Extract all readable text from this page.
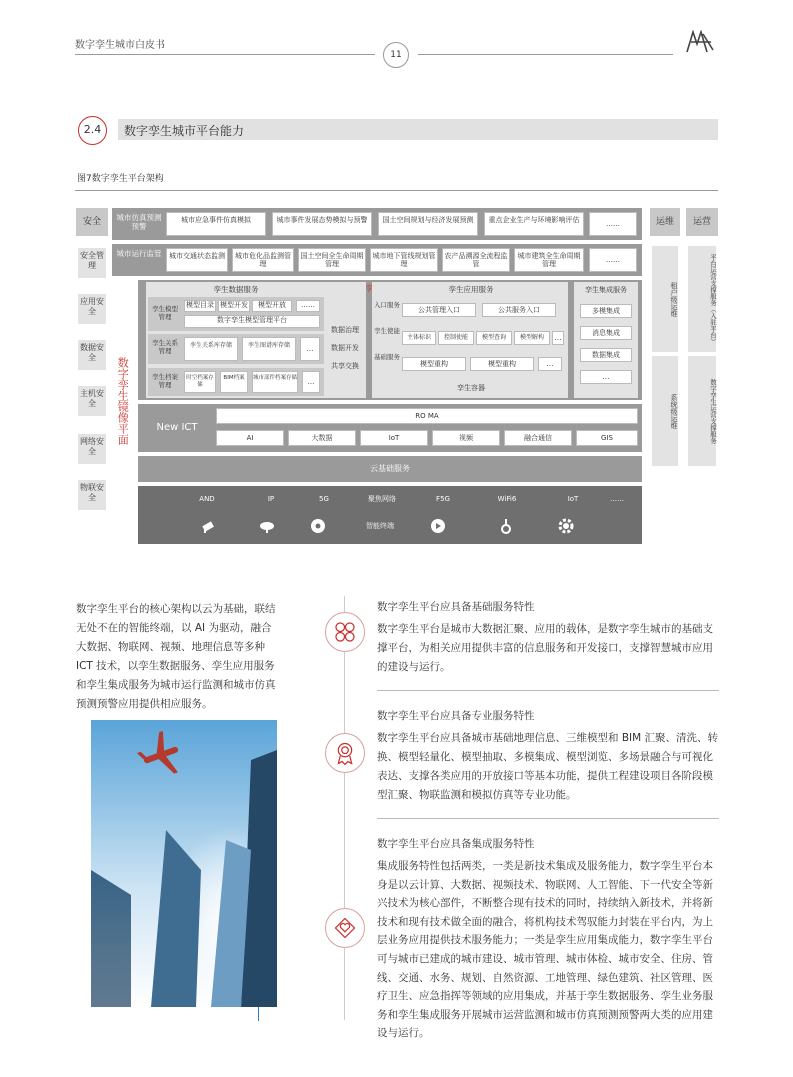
数字孪生城市白皮书
11
2.4	数字孪生城市平台能力
图7数字孪生平台架构
安全
安全管理
应用安全
数据安全
主机安全
网络安全
物联安全
城市仿真预测预警
城市应急事件仿真模拟	城市事件发展态势模拟与预警	国土空间规划与经济发展预测	重点企业生产与环境影响评估	……
城市运行监管	城市交通状态监测	城市危化品监测管理
国土空间全生命周期管理
城市地下管线规划管理
农产品溯源全流程监管
城市建筑全生命周期管理
……
数字孪生镜像平面
孪生数据服务
孪生模型管理
模型目录 模型开发	模型开放	……
数字孪生模型管理平台
孪生关系管理
孪生关系库存储	孪生图谱库存储	…
孪生档案管理
时空档案存储
BIM档案	城市部件档案存储	…
数据治理
数据开发
共享交换
孪生应用服务
入口服务
公共管理入口	公共服务入口
孪生使能
主体标识	控制使能	模型查询	模型解构	…
基础服务
模型重构	模型重构	…
孪生容器
孪生集成服务
多模集成
消息集成
数据集成
…
New ICT
RO MA
AI	大数据	IoT	视频	融合通信	GIS
云基础服务
AND	IP	5G	聚焦网络	F5G	WiFi6	IoT	……
智能终端
运维
租户级运维
系统级运维
运营
平台运营支撑服务（入驻平台）
数字孪生运营支撑服务
数字孪生平台的核心架构以云为基础，联结无处不在的智能终端，以 AI 为驱动，融合大数据、物联网、视频、地理信息等多种ICT 技术，以孪生数据服务、孪生应用服务和孪生集成服务为城市运行监测和城市仿真预测预警应用提供相应服务。
数字孪生平台应具备基础服务特性
数字孪生平台是城市大数据汇聚、应用的载体，是数字孪生城市的基础支撑平台，为相关应用提供丰富的信息服务和开发接口，支撑智慧城市应用的建设与运行。
数字孪生平台应具备专业服务特性
数字孪生平台应具备城市基础地理信息、三维模型和 BIM 汇聚、清洗、转换、模型轻量化、模型抽取、多模集成、模型浏览、多场景融合与可视化表达、支撑各类应用的开放接口等基本功能，提供工程建设项目各阶段模型汇聚、物联监测和模拟仿真等专业功能。
数字孪生平台应具备集成服务特性
集成服务特性包括两类，一类是新技术集成及服务能力，数字孪生平台本身是以云计算、大数据、视频技术、物联网、人工智能、下一代安全等新兴技术为核心部件，不断整合现有技术的同时，持续纳入新技术，并将新技术和现有技术做全面的融合，将机构技术驾驭能力封装在平台内，为上层业务应用提供技术服务能力；一类是孪生应用集成能力，数字孪生平台可与城市已建成的城市建设、城市管理、城市体检、城市安全、住房、管线、交通、水务、规划、自然资源、工地管理、绿色建筑、社区管理、医疗卫生、应急指挥等领域的应用集成，并基于孪生数据服务、孪生业务服务和孪生集成服务开展城市运营监测和城市仿真预测预警两大类的应用建设与运行。
